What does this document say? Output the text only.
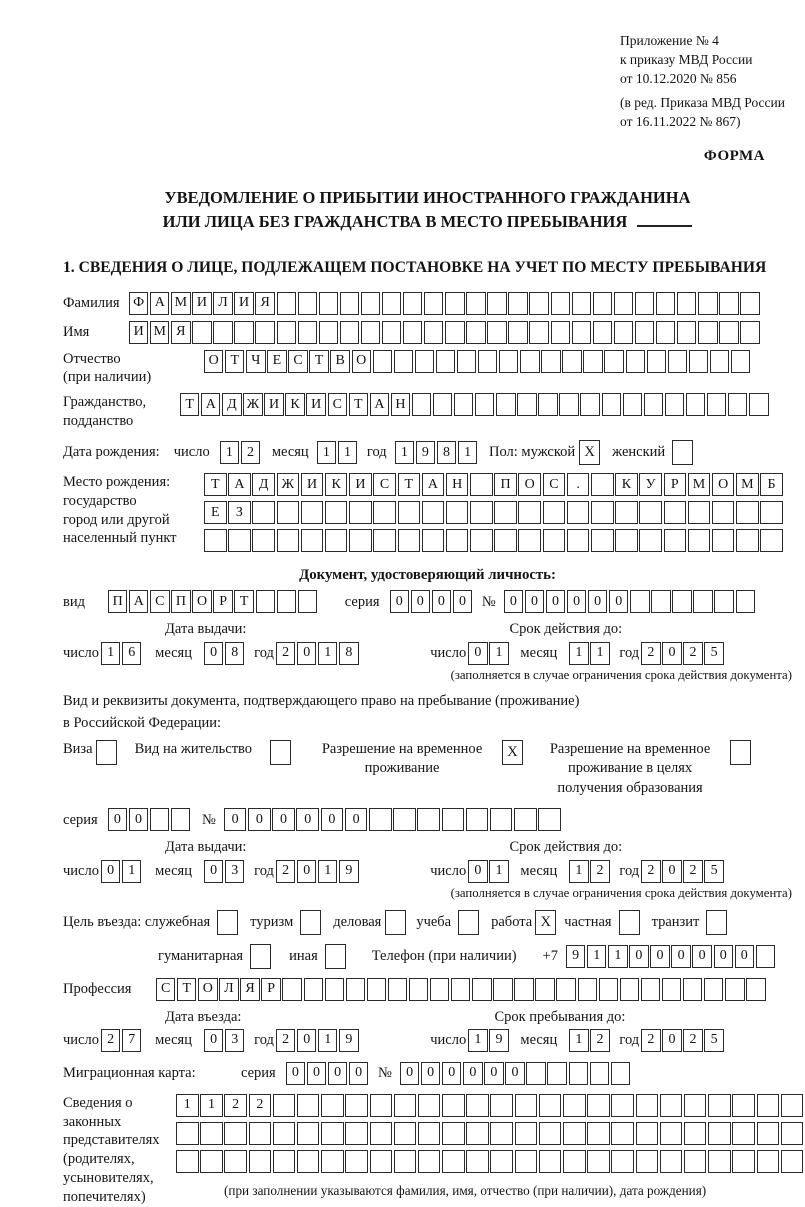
Приложение № 4
к приказу МВД России
от 10.12.2020 № 856
(в ред. Приказа МВД России
от 16.11.2022 № 867)
ФОРМА
УВЕДОМЛЕНИЕ О ПРИБЫТИИ ИНОСТРАННОГО ГРАЖДАНИНА
ИЛИ ЛИЦА БЕЗ ГРАЖДАНСТВА В МЕСТО ПРЕБЫВАНИЯ
1. СВЕДЕНИЯ О ЛИЦЕ, ПОДЛЕЖАЩЕМ ПОСТАНОВКЕ НА УЧЕТ ПО МЕСТУ ПРЕБЫВАНИЯ
Фамилия Ф А М И Л И Я
Имя	И М Я
Отчество
(при наличии)
О Т Ч Е С Т В О
Гражданство,
подданство
Т А Д Ж И К И С Т А Н
Дата рождения: число	1	2	месяц	1	1	год	1	9	8	1	Пол: мужской X	женский
Место рождения:
государство
город или другой
населенный пункт
Т	А	Д Ж И	К	И	С	Т	А	Н	П	О	С	.	К	У	Р	М О М Б
Е	З
Документ, удостоверяющий личность:
вид	П А С П О Р Т	серия	0	0	0	0	№	0	0	0	0	0	0
Дата выдачи:	Срок действия до:
число 1	6	месяц	0	8	год 2	0	1	8	число 0	1	месяц	1	1	год 2	0	2	5
(заполняется в случае ограничения срока действия документа)
Вид и реквизиты документа, подтверждающего право на пребывание (проживание)
в Российской Федерации:
Виза	Вид на жительство	Разрешение на временное
проживание
X	Разрешение на временное
проживание в целях
получения образования
серия	0	0	№	0	0	0	0	0	0
Дата выдачи:	Срок действия до:
число 0	1	месяц	0	3	год 2	0	1	9	число 0	1	месяц	1	2	год 2	0	2	5
(заполняется в случае ограничения срока действия документа)
Цель въезда: служебная	туризм	деловая учеба	работа X частная	транзит
гуманитарная	иная	Телефон (при наличии) +7	9	1	1	0	0	0	0	0	0
Профессия	С Т О Л Я Р
Дата въезда:	Срок пребывания до:
число 2	7	месяц	0	3	год 2	0	1	9	число 1	9	месяц	1	2	год 2	0	2	5
Миграционная карта:	серия	0	0	0	0	№	0	0	0	0	0	0
Сведения о
законных
представителях
(родителях,
усыновителях,
попечителях)
1	1	2	2
(при заполнении указываются фамилия, имя, отчество (при наличии), дата рождения)
